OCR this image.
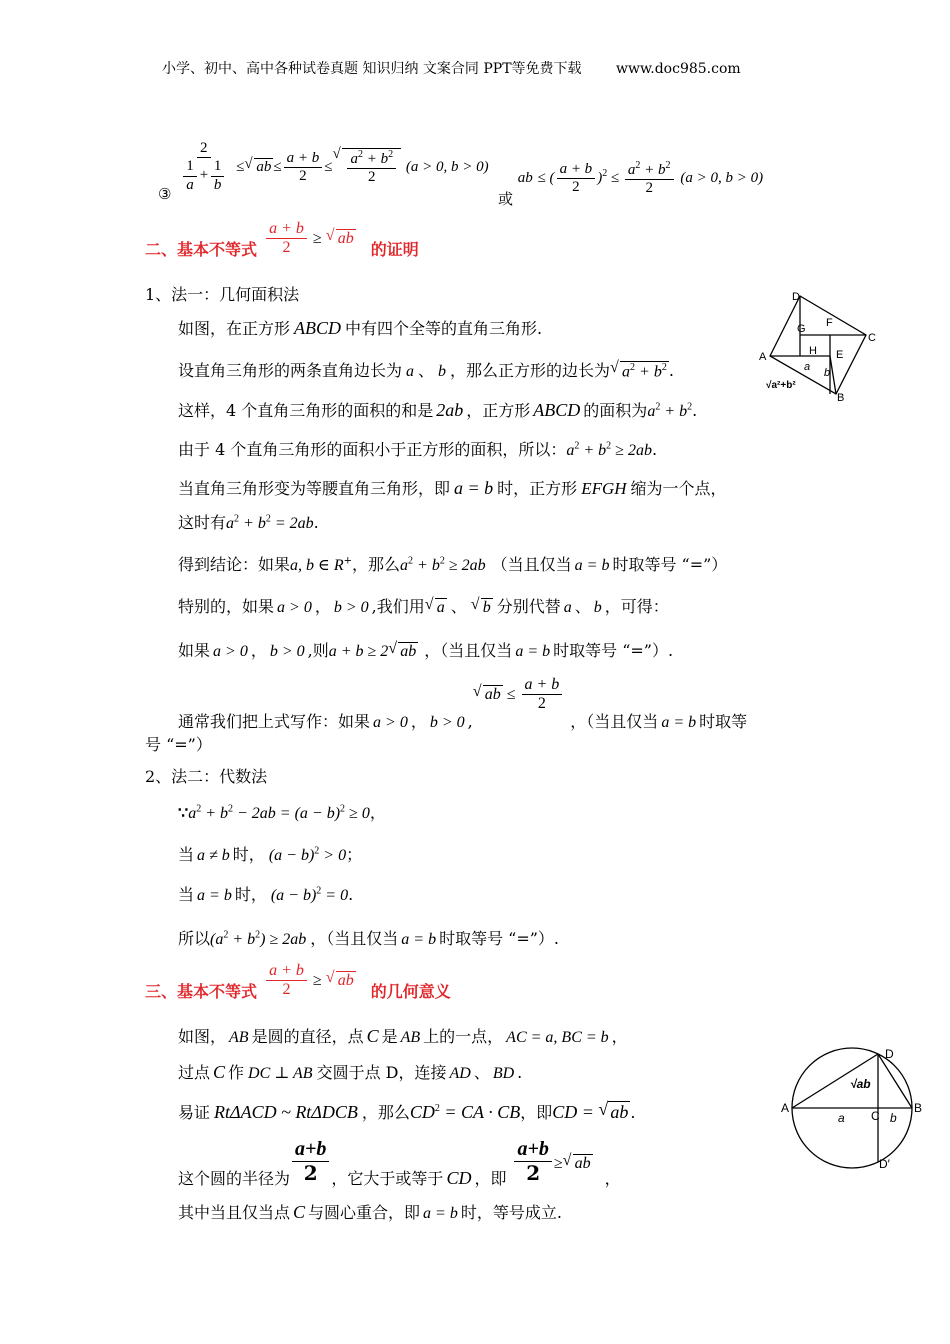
小学、初中、高中各种试卷真题 知识归纳 文案合同 PPT等免费下载 www.doc985.com
③
$\frac{2}{\frac{1}{a} + \frac{1}{b}}$ ≤ √ ab ≤ $\frac{a + b}{2}$ ≤ √ $\frac{a^2 + b^2}{2} (a > 0$, b > 0)
或 ab ≤ ( $\frac{a + b}{2} )^2 \le \frac{a^2 + b^2}{2} (a > 0$, b > 0)
二、基本不等式 $\frac{a + b}{2}$ ≥ √ ab 的证明
1、法一：几何面积法
如图，在正方形 ABCD 中有四个全等的直角三角形.
设直角三角形的两条直角边长为 a 、 b ，那么正方形的边长为 √ $a^2 + b^2$ .
这样，4 个直角三角形的面积的和是 2ab ，正方形 ABCD 的面积为$a^2 + b^2$.
由于 4 个直角三角形的面积小于正方形的面积，所以：$a^2 + b^2 \ge 2ab$.
当直角三角形变为等腰直角三角形，即 a = b 时，正方形 EFGH 缩为一个点，
这时有$a^2 + b^2 = 2ab$.
得到结论：如果a, b ∈ R+，那么$a^2 + b^2 \ge 2ab$ （当且仅当 a = b 时取等号 “=”）
特别的，如果 a > 0 ， b > 0 ,我们用 √ a 、 √ b 分别代替 a 、 b ，可得：
如果 a > 0 ， b > 0 ,则a + b ≥ 2 √ ab ，（当且仅当 a = b 时取等号 “=”）.
通常我们把上式写作：如果 a > 0 ， b > 0 ,√ ab ≤ $\frac{a + b}{2}$
，（当且仅当 a = b 时取等
号 “=”）
2、法二：代数法
$\because a^2 + b^2 - 2ab = (a - b)^2 \ge 0$，
当 a ≠ b 时， $(a - b)^2 > 0$；
当 a = b 时， $(a - b)^2 = 0$.
所以$(a^2 + b^2) \ge 2ab$ ，（当且仅当 a = b 时取等号 “=”）.
三、基本不等式 $\frac{a + b}{2}$ ≥ √ ab 的几何意义
如图， AB 是圆的直径，点 C 是 AB 上的一点， AC = a, BC = b ，
过点 C 作 DC ⊥ AB 交圆于点 D，连接 AD 、 BD .
易证 RtΔACD ~ RtΔDCB ，那么$CD^2$ = CA · CB，即CD = √ ab .
这个圆的半径为 $\frac{a+b}{2}$ ，它大于或等于 CD ，即 $\frac{a+b}{2}$ ≥ √ ab，
其中当且仅当点 C 与圆心重合，即 a = b 时，等号成立.
D
A
C
B
G F
E
H
a b
√a²+b²
A	B
C
D
D′
a	b
√ab
